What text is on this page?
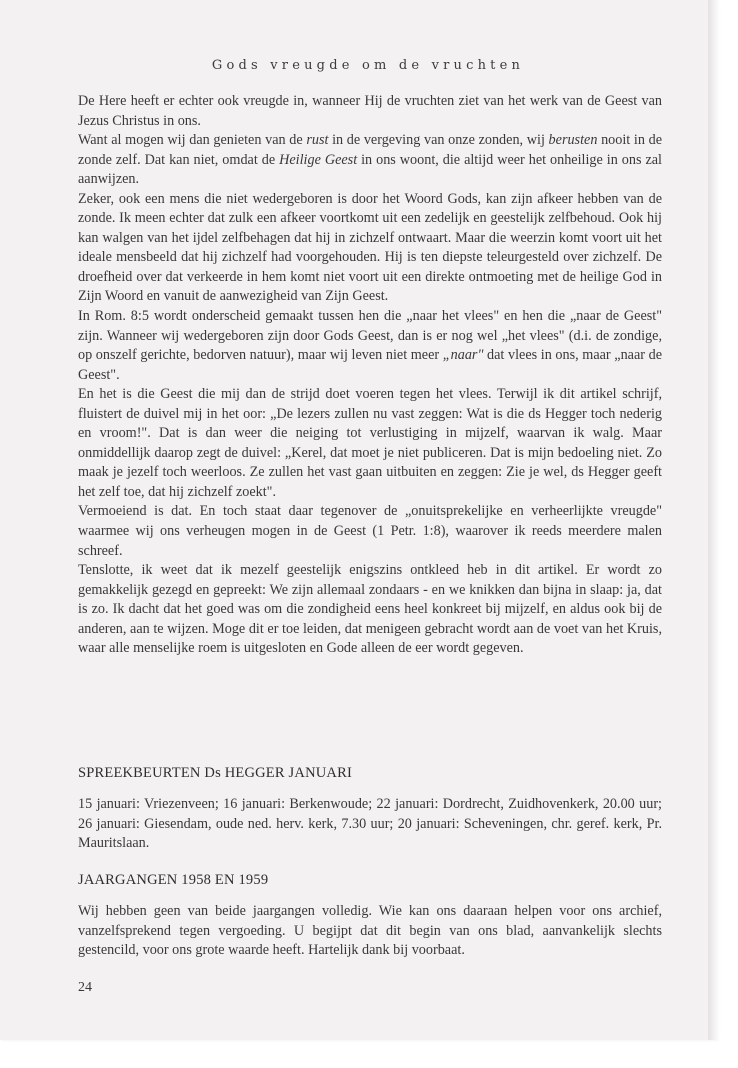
Gods vreugde om de vruchten

De Here heeft er echter ook vreugde in, wanneer Hij de vruchten ziet van het werk van de Geest van Jezus Christus in ons.

Want al mogen wij dan genieten van de rust in de vergeving van onze zonden, wij berusten nooit in de zonde zelf. Dat kan niet, omdat de Heilige Geest in ons woont, die altijd weer het onheilige in ons zal aanwijzen.

Zeker, ook een mens die niet wedergeboren is door het Woord Gods, kan zijn afkeer hebben van de zonde. Ik meen echter dat zulk een afkeer voortkomt uit een zedelijk en geestelijk zelfbehoud. Ook hij kan walgen van het ijdel zelfbehagen dat hij in zichzelf ontwaart. Maar die weerzin komt voort uit het ideale mensbeeld dat hij zichzelf had voorgehouden. Hij is ten diepste teleurgesteld over zichzelf. De droefheid over dat verkeerde in hem komt niet voort uit een direkte ontmoeting met de heilige God in Zijn Woord en vanuit de aanwezigheid van Zijn Geest.

In Rom. 8:5 wordt onderscheid gemaakt tussen hen die „naar het vlees" en hen die „naar de Geest" zijn. Wanneer wij wedergeboren zijn door Gods Geest, dan is er nog wel „het vlees" (d.i. de zondige, op onszelf gerichte, bedorven natuur), maar wij leven niet meer „naar" dat vlees in ons, maar „naar de Geest".

En het is die Geest die mij dan de strijd doet voeren tegen het vlees. Terwijl ik dit artikel schrijf, fluistert de duivel mij in het oor: „De lezers zullen nu vast zeggen: Wat is die ds Hegger toch nederig en vroom!". Dat is dan weer die neiging tot verlustiging in mijzelf, waarvan ik walg. Maar onmiddellijk daarop zegt de duivel: „Kerel, dat moet je niet publiceren. Dat is mijn bedoeling niet. Zo maak je jezelf toch weerloos. Ze zullen het vast gaan uitbuiten en zeggen: Zie je wel, ds Hegger geeft het zelf toe, dat hij zichzelf zoekt".

Vermoeiend is dat. En toch staat daar tegenover de „onuitsprekelijke en verheerlijkte vreugde" waarmee wij ons verheugen mogen in de Geest (1 Petr. 1:8), waarover ik reeds meerdere malen schreef.

Tenslotte, ik weet dat ik mezelf geestelijk enigszins ontkleed heb in dit artikel. Er wordt zo gemakkelijk gezegd en gepreekt: We zijn allemaal zondaars - en we knikken dan bijna in slaap: ja, dat is zo. Ik dacht dat het goed was om die zondigheid eens heel konkreet bij mijzelf, en aldus ook bij de anderen, aan te wijzen. Moge dit er toe leiden, dat menigeen gebracht wordt aan de voet van het Kruis, waar alle menselijke roem is uitgesloten en Gode alleen de eer wordt gegeven.

SPREEKBEURTEN Ds HEGGER JANUARI

15 januari: Vriezenveen; 16 januari: Berkenwoude; 22 januari: Dordrecht, Zuidhovenkerk, 20.00 uur; 26 januari: Giesendam, oude ned. herv. kerk, 7.30 uur; 20 januari: Scheveningen, chr. geref. kerk, Pr. Mauritslaan.

JAARGANGEN 1958 EN 1959

Wij hebben geen van beide jaargangen volledig. Wie kan ons daaraan helpen voor ons archief, vanzelfsprekend tegen vergoeding. U begijpt dat dit begin van ons blad, aanvankelijk slechts gestencild, voor ons grote waarde heeft. Hartelijk dank bij voorbaat.

24
